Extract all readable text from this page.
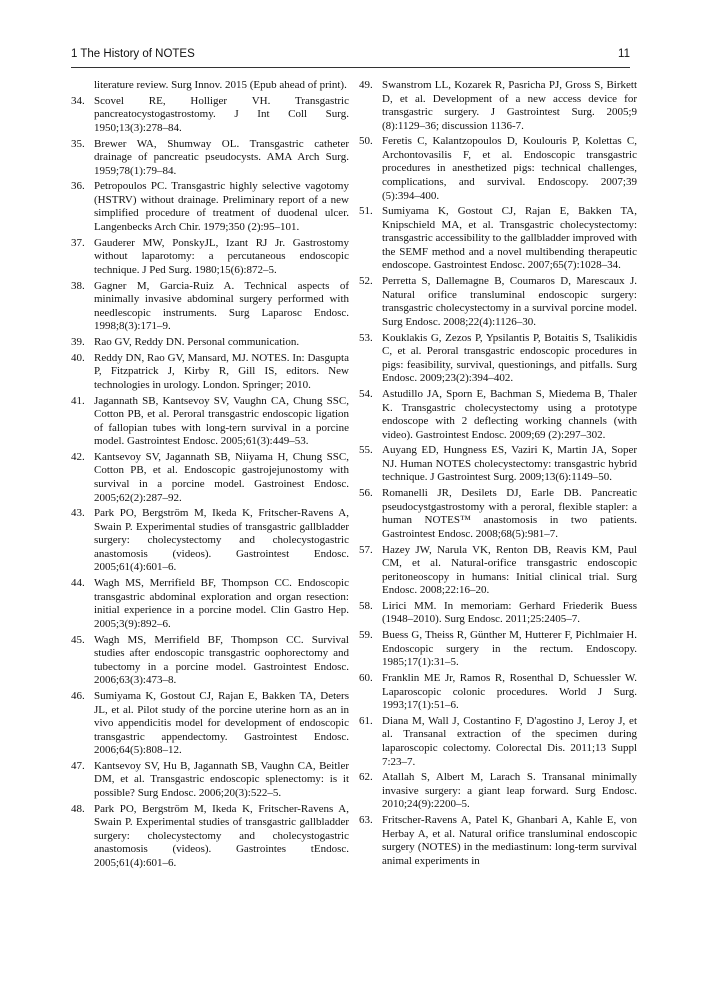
1 The History of NOTES	11
literature review. Surg Innov. 2015 (Epub ahead of print).
34. Scovel RE, Holliger VH. Transgastric pancreatocystogastrostomy. J Int Coll Surg. 1950;13(3):278–84.
35. Brewer WA, Shumway OL. Transgastric catheter drainage of pancreatic pseudocysts. AMA Arch Surg. 1959;78(1):79–84.
36. Petropoulos PC. Transgastric highly selective vagotomy (HSTRV) without drainage. Preliminary report of a new simplified procedure of treatment of duodenal ulcer. Langenbecks Arch Chir. 1979;350 (2):95–101.
37. Gauderer MW, PonskyJL, Izant RJ Jr. Gastrostomy without laparotomy: a percutaneous endoscopic technique. J Ped Surg. 1980;15(6):872–5.
38. Gagner M, Garcia-Ruiz A. Technical aspects of minimally invasive abdominal surgery performed with needlescopic instruments. Surg Laparosc Endosc. 1998;8(3):171–9.
39. Rao GV, Reddy DN. Personal communication.
40. Reddy DN, Rao GV, Mansard, MJ. NOTES. In: Dasgupta P, Fitzpatrick J, Kirby R, Gill IS, editors. New technologies in urology. London. Springer; 2010.
41. Jagannath SB, Kantsevoy SV, Vaughn CA, Chung SSC, Cotton PB, et al. Peroral transgastric endoscopic ligation of fallopian tubes with long-tern survival in a porcine model. Gastrointest Endosc. 2005;61(3):449–53.
42. Kantsevoy SV, Jagannath SB, Niiyama H, Chung SSC, Cotton PB, et al. Endoscopic gastrojejunostomy with survival in a porcine model. Gastroinest Endosc. 2005;62(2):287–92.
43. Park PO, Bergström M, Ikeda K, Fritscher-Ravens A, Swain P. Experimental studies of transgastric gallbladder surgery: cholecystectomy and cholecystogastric anastomosis (videos). Gastrointest Endosc. 2005;61(4):601–6.
44. Wagh MS, Merrifield BF, Thompson CC. Endoscopic transgastric abdominal exploration and organ resection: initial experience in a porcine model. Clin Gastro Hep. 2005;3(9):892–6.
45. Wagh MS, Merrifield BF, Thompson CC. Survival studies after endoscopic transgastric oophorectomy and tubectomy in a porcine model. Gastrointest Endosc. 2006;63(3):473–8.
46. Sumiyama K, Gostout CJ, Rajan E, Bakken TA, Deters JL, et al. Pilot study of the porcine uterine horn as an in vivo appendicitis model for development of endoscopic transgastric appendectomy. Gastrointest Endosc. 2006;64(5):808–12.
47. Kantsevoy SV, Hu B, Jagannath SB, Vaughn CA, Beitler DM, et al. Transgastric endoscopic splenectomy: is it possible? Surg Endosc. 2006;20(3):522–5.
48. Park PO, Bergström M, Ikeda K, Fritscher-Ravens A, Swain P. Experimental studies of transgastric gallbladder surgery: cholecystectomy and cholecystogastric anastomosis (videos). Gastrointes tEndosc. 2005;61(4):601–6.
49. Swanstrom LL, Kozarek R, Pasricha PJ, Gross S, Birkett D, et al. Development of a new access device for transgastric surgery. J Gastrointest Surg. 2005;9 (8):1129–36; discussion 1136-7.
50. Feretis C, Kalantzopoulos D, Koulouris P, Kolettas C, Archontovasilis F, et al. Endoscopic transgastric procedures in anesthetized pigs: technical challenges, complications, and survival. Endoscopy. 2007;39 (5):394–400.
51. Sumiyama K, Gostout CJ, Rajan E, Bakken TA, Knipschield MA, et al. Transgastric cholecystectomy: transgastric accessibility to the gallbladder improved with the SEMF method and a novel multibending therapeutic endoscope. Gastrointest Endosc. 2007;65(7):1028–34.
52. Perretta S, Dallemagne B, Coumaros D, Marescaux J. Natural orifice transluminal endoscopic surgery: transgastric cholecystectomy in a survival porcine model. Surg Endosc. 2008;22(4):1126–30.
53. Kouklakis G, Zezos P, Ypsilantis P, Botaitis S, Tsalikidis C, et al. Peroral transgastric endoscopic procedures in pigs: feasibility, survival, questionings, and pitfalls. Surg Endosc. 2009;23(2):394–402.
54. Astudillo JA, Sporn E, Bachman S, Miedema B, Thaler K. Transgastric cholecystectomy using a prototype endoscope with 2 deflecting working channels (with video). Gastrointest Endosc. 2009;69 (2):297–302.
55. Auyang ED, Hungness ES, Vaziri K, Martin JA, Soper NJ. Human NOTES cholecystectomy: transgastric hybrid technique. J Gastrointest Surg. 2009;13(6):1149–50.
56. Romanelli JR, Desilets DJ, Earle DB. Pancreatic pseudocystgastrostomy with a peroral, flexible stapler: a human NOTES™ anastomosis in two patients. Gastrointest Endosc. 2008;68(5):981–7.
57. Hazey JW, Narula VK, Renton DB, Reavis KM, Paul CM, et al. Natural-orifice transgastric endoscopic peritoneoscopy in humans: Initial clinical trial. Surg Endosc. 2008;22:16–20.
58. Lirici MM. In memoriam: Gerhard Friederik Buess (1948–2010). Surg Endosc. 2011;25:2405–7.
59. Buess G, Theiss R, Günther M, Hutterer F, Pichlmaier H. Endoscopic surgery in the rectum. Endoscopy. 1985;17(1):31–5.
60. Franklin ME Jr, Ramos R, Rosenthal D, Schuessler W. Laparoscopic colonic procedures. World J Surg. 1993;17(1):51–6.
61. Diana M, Wall J, Costantino F, D'agostino J, Leroy J, et al. Transanal extraction of the specimen during laparoscopic colectomy. Colorectal Dis. 2011;13 Suppl 7:23–7.
62. Atallah S, Albert M, Larach S. Transanal minimally invasive surgery: a giant leap forward. Surg Endosc. 2010;24(9):2200–5.
63. Fritscher-Ravens A, Patel K, Ghanbari A, Kahle E, von Herbay A, et al. Natural orifice transluminal endoscopic surgery (NOTES) in the mediastinum: long-term survival animal experiments in
